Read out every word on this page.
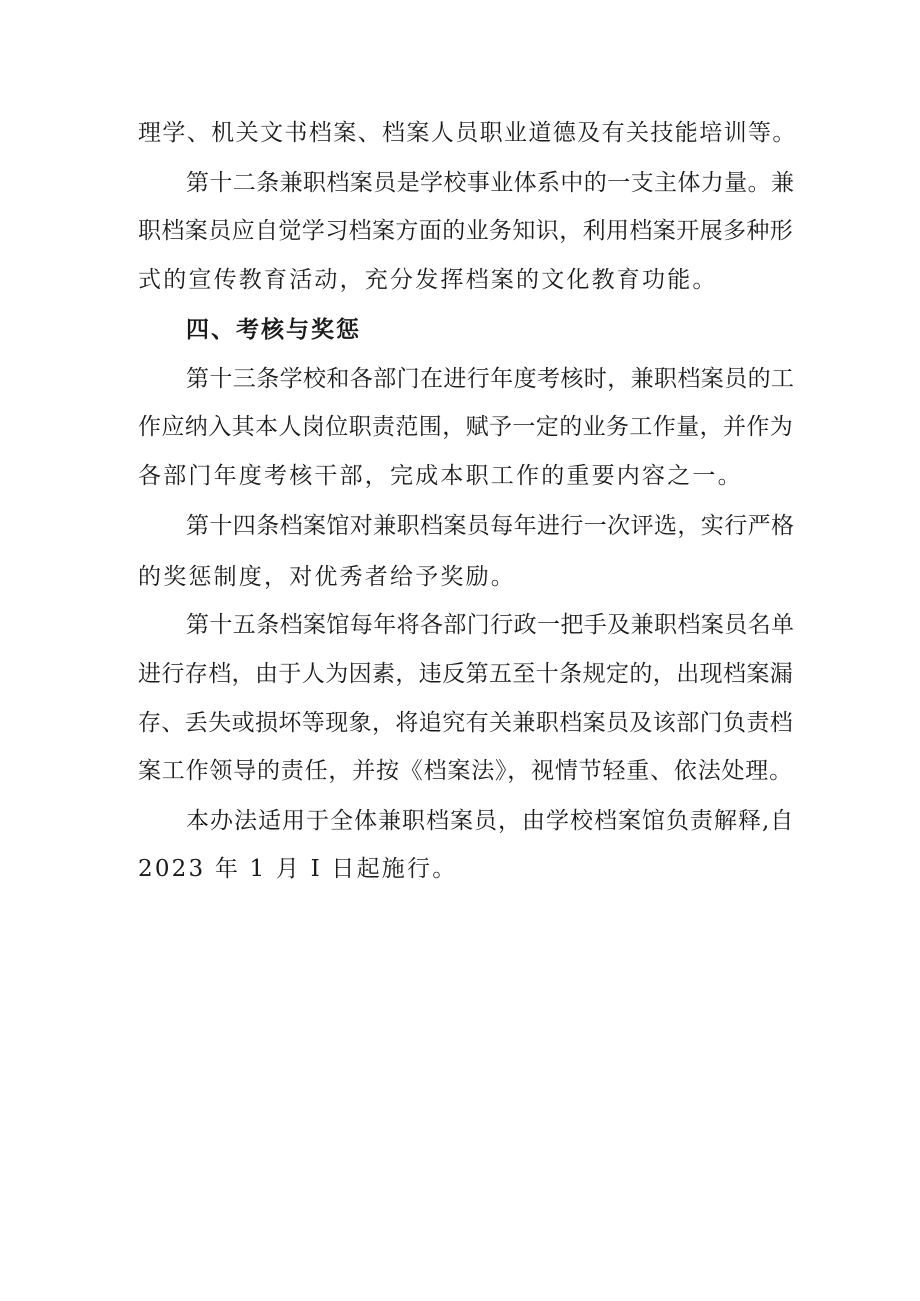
理学、机关文书档案、档案人员职业道德及有关技能培训等。
第十二条兼职档案员是学校事业体系中的一支主体力量。兼
职档案员应自觉学习档案方面的业务知识，利用档案开展多种形
式的宣传教育活动，充分发挥档案的文化教育功能。
四、考核与奖惩
第十三条学校和各部门在进行年度考核时，兼职档案员的工
作应纳入其本人岗位职责范围，赋予一定的业务工作量，并作为
各部门年度考核干部，完成本职工作的重要内容之一。
第十四条档案馆对兼职档案员每年进行一次评选，实行严格
的奖惩制度，对优秀者给予奖励。
第十五条档案馆每年将各部门行政一把手及兼职档案员名单
进行存档，由于人为因素，违反第五至十条规定的，出现档案漏
存、丢失或损坏等现象，将追究有关兼职档案员及该部门负责档
案工作领导的责任，并按《档案法》，视情节轻重、依法处理。
本办法适用于全体兼职档案员，由学校档案馆负责解释,自
2023 年 1 月 I 日起施行。
